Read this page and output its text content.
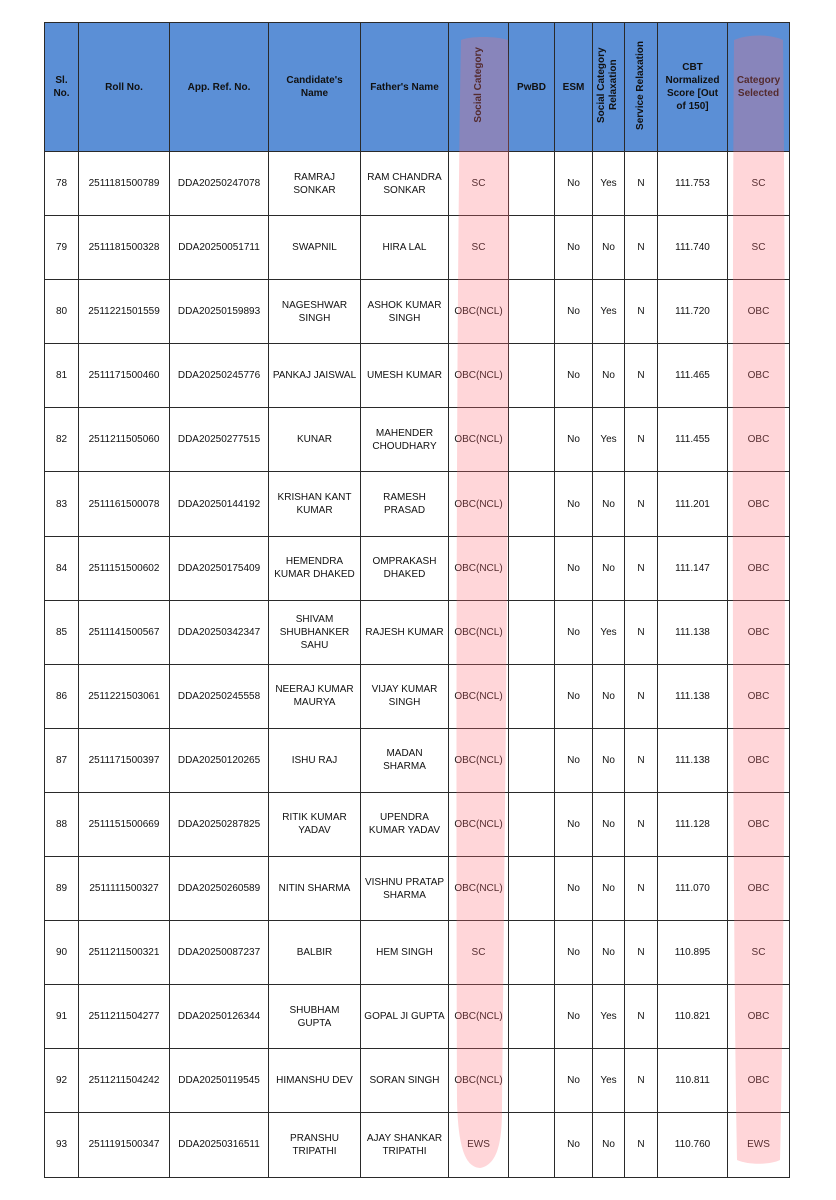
Sl. No.	Roll No.	App. Ref. No.	Candidate's Name	Father's Name	Social Category	PwBD	ESM	Social Category Relaxation	Service Relaxation	CBT Normalized Score [Out of 150]	Category Selected
78	2511181500789	DDA20250247078	RAMRAJ SONKAR	RAM CHANDRA SONKAR	SC		No	Yes	N	111.753	SC
79	2511181500328	DDA20250051711	SWAPNIL	HIRA LAL	SC		No	No	N	111.740	SC
80	2511221501559	DDA20250159893	NAGESHWAR SINGH	ASHOK KUMAR SINGH	OBC(NCL)		No	Yes	N	111.720	OBC
81	2511171500460	DDA20250245776	PANKAJ JAISWAL	UMESH KUMAR	OBC(NCL)		No	No	N	111.465	OBC
82	2511211505060	DDA20250277515	KUNAR	MAHENDER CHOUDHARY	OBC(NCL)		No	Yes	N	111.455	OBC
83	2511161500078	DDA20250144192	KRISHAN KANT KUMAR	RAMESH PRASAD	OBC(NCL)		No	No	N	111.201	OBC
84	2511151500602	DDA20250175409	HEMENDRA KUMAR DHAKED	OMPRAKASH DHAKED	OBC(NCL)		No	No	N	111.147	OBC
85	2511141500567	DDA20250342347	SHIVAM SHUBHANKER SAHU	RAJESH KUMAR	OBC(NCL)		No	Yes	N	111.138	OBC
86	2511221503061	DDA20250245558	NEERAJ KUMAR MAURYA	VIJAY KUMAR SINGH	OBC(NCL)		No	No	N	111.138	OBC
87	2511171500397	DDA20250120265	ISHU RAJ	MADAN SHARMA	OBC(NCL)		No	No	N	111.138	OBC
88	2511151500669	DDA20250287825	RITIK KUMAR YADAV	UPENDRA KUMAR YADAV	OBC(NCL)		No	No	N	111.128	OBC
89	2511111500327	DDA20250260589	NITIN SHARMA	VISHNU PRATAP SHARMA	OBC(NCL)		No	No	N	111.070	OBC
90	2511211500321	DDA20250087237	BALBIR	HEM SINGH	SC		No	No	N	110.895	SC
91	2511211504277	DDA20250126344	SHUBHAM GUPTA	GOPAL JI GUPTA	OBC(NCL)		No	Yes	N	110.821	OBC
92	2511211504242	DDA20250119545	HIMANSHU DEV	SORAN SINGH	OBC(NCL)		No	Yes	N	110.811	OBC
93	2511191500347	DDA20250316511	PRANSHU TRIPATHI	AJAY SHANKAR TRIPATHI	EWS		No	No	N	110.760	EWS
